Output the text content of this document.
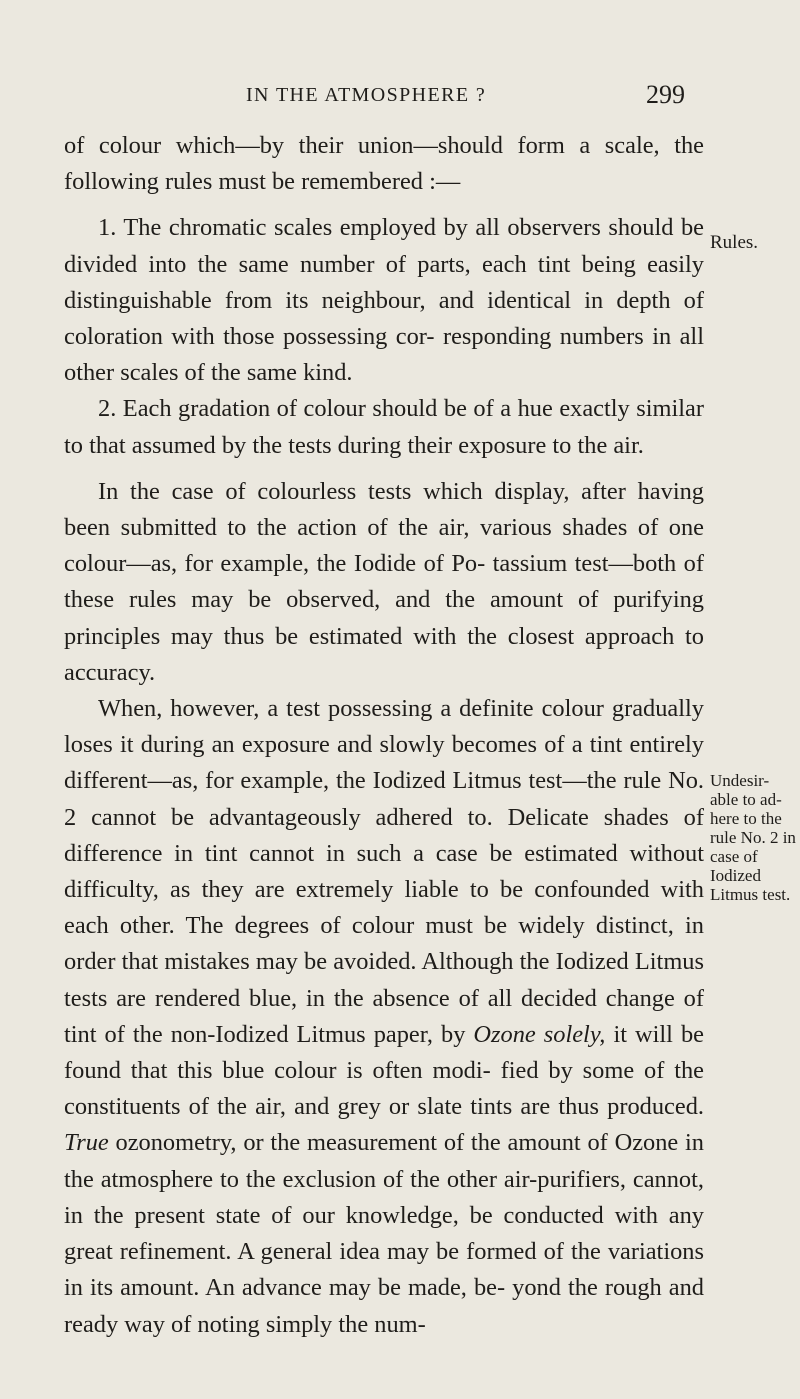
IN THE ATMOSPHERE ?	299

of colour which—by their union—should form a scale, the following rules must be remembered :—

1. The chromatic scales employed by all observers should be divided into the same number of parts, each tint being easily distinguishable from its neighbour, and identical in depth of coloration with those possessing cor- responding numbers in all other scales of the same kind.

2. Each gradation of colour should be of a hue exactly similar to that assumed by the tests during their exposure to the air.

In the case of colourless tests which display, after having been submitted to the action of the air, various shades of one colour—as, for example, the Iodide of Po- tassium test—both of these rules may be observed, and the amount of purifying principles may thus be estimated with the closest approach to accuracy.

When, however, a test possessing a definite colour gradually loses it during an exposure and slowly becomes of a tint entirely different—as, for example, the Iodized Litmus test—the rule No. 2 cannot be advantageously adhered to. Delicate shades of difference in tint cannot in such a case be estimated without difficulty, as they are extremely liable to be confounded with each other. The degrees of colour must be widely distinct, in order that mistakes may be avoided. Although the Iodized Litmus tests are rendered blue, in the absence of all decided change of tint of the non-Iodized Litmus paper, by Ozone solely, it will be found that this blue colour is often modi- fied by some of the constituents of the air, and grey or slate tints are thus produced. True ozonometry, or the measurement of the amount of Ozone in the atmosphere to the exclusion of the other air-purifiers, cannot, in the present state of our knowledge, be conducted with any great refinement. A general idea may be formed of the variations in its amount. An advance may be made, be- yond the rough and ready way of noting simply the num-

Rules.
Undesir- able to ad- here to the rule No. 2 in case of Iodized Litmus test.
